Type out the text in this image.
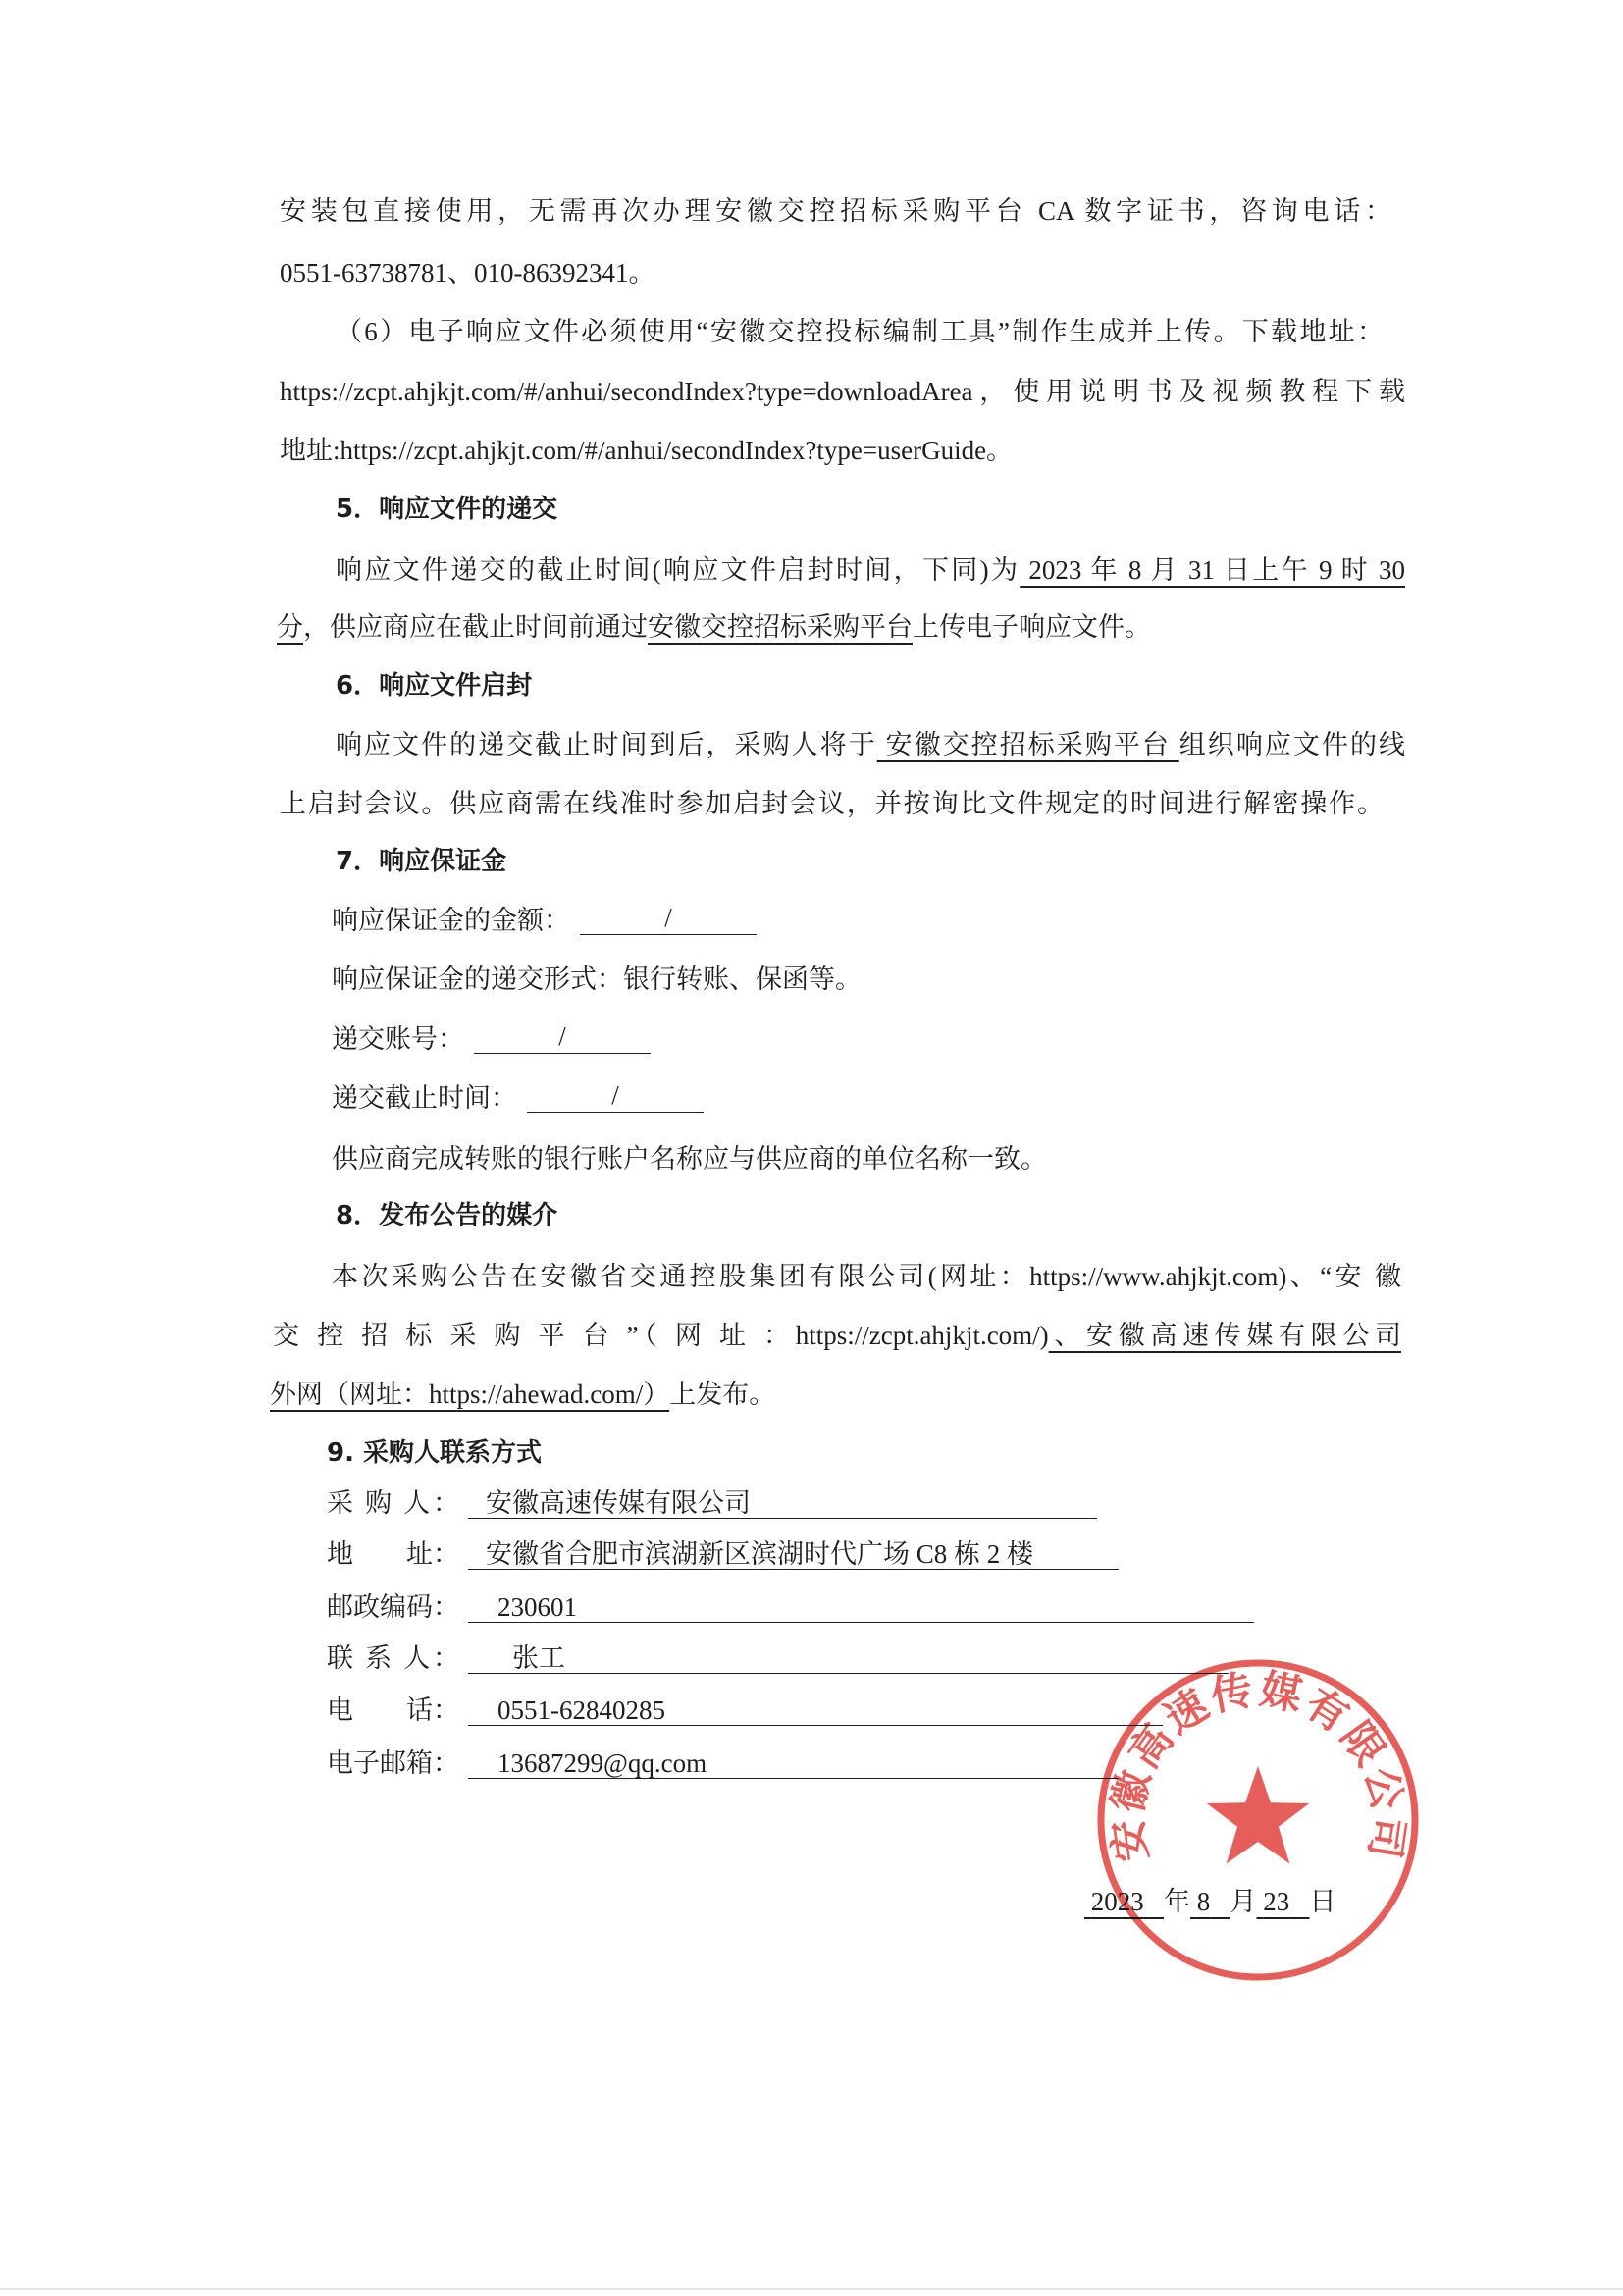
安装包直接使用，无需再次办理安徽交控招标采购平台 CA 数字证书，咨询电话：
0551-63738781、010-86392341。
（6）电子响应文件必须使用“安徽交控投标编制工具”制作生成并上传。下载地址：
https://zcpt.ahjkjt.com/#/anhui/secondIndex?type=downloadArea，使用说明书及视频教程下载
地址:https://zcpt.ahjkjt.com/#/anhui/secondIndex?type=userGuide。
5．响应文件的递交
响应文件递交的截止时间(响应文件启封时间，下同)为 2023 年 8 月 31 日上午 9 时 30
分，供应商应在截止时间前通过安徽交控招标采购平台上传电子响应文件。
6．响应文件启封
响应文件的递交截止时间到后，采购人将于 安徽交控招标采购平台 组织响应文件的线
上启封会议。供应商需在线准时参加启封会议，并按询比文件规定的时间进行解密操作。
7．响应保证金
响应保证金的金额：	/
响应保证金的递交形式：银行转账、保函等。
递交账号：	/
递交截止时间：	/
供应商完成转账的银行账户名称应与供应商的单位名称一致。
8．发布公告的媒介
本次采购公告在安徽省交通控股集团有限公司(网址：https://www.ahjkjt.com)、“安 徽
交 控 招 标 采 购 平 台 ”（ 网 址 ：https://zcpt.ahjkjt.com/)、安徽高速传媒有限公司
外网（网址：https://ahewad.com/）上发布。
9. 采购人联系方式
采 购 人：	安徽高速传媒有限公司
地　　址：	安徽省合肥市滨湖新区滨湖时代广场 C8 栋 2 楼
邮政编码：	230601
联 系 人：	张工
电　　话：	0551-62840285
电子邮箱：	13687299@qq.com
2023 年 8 月 23 日
安徽高速传媒有限公司
